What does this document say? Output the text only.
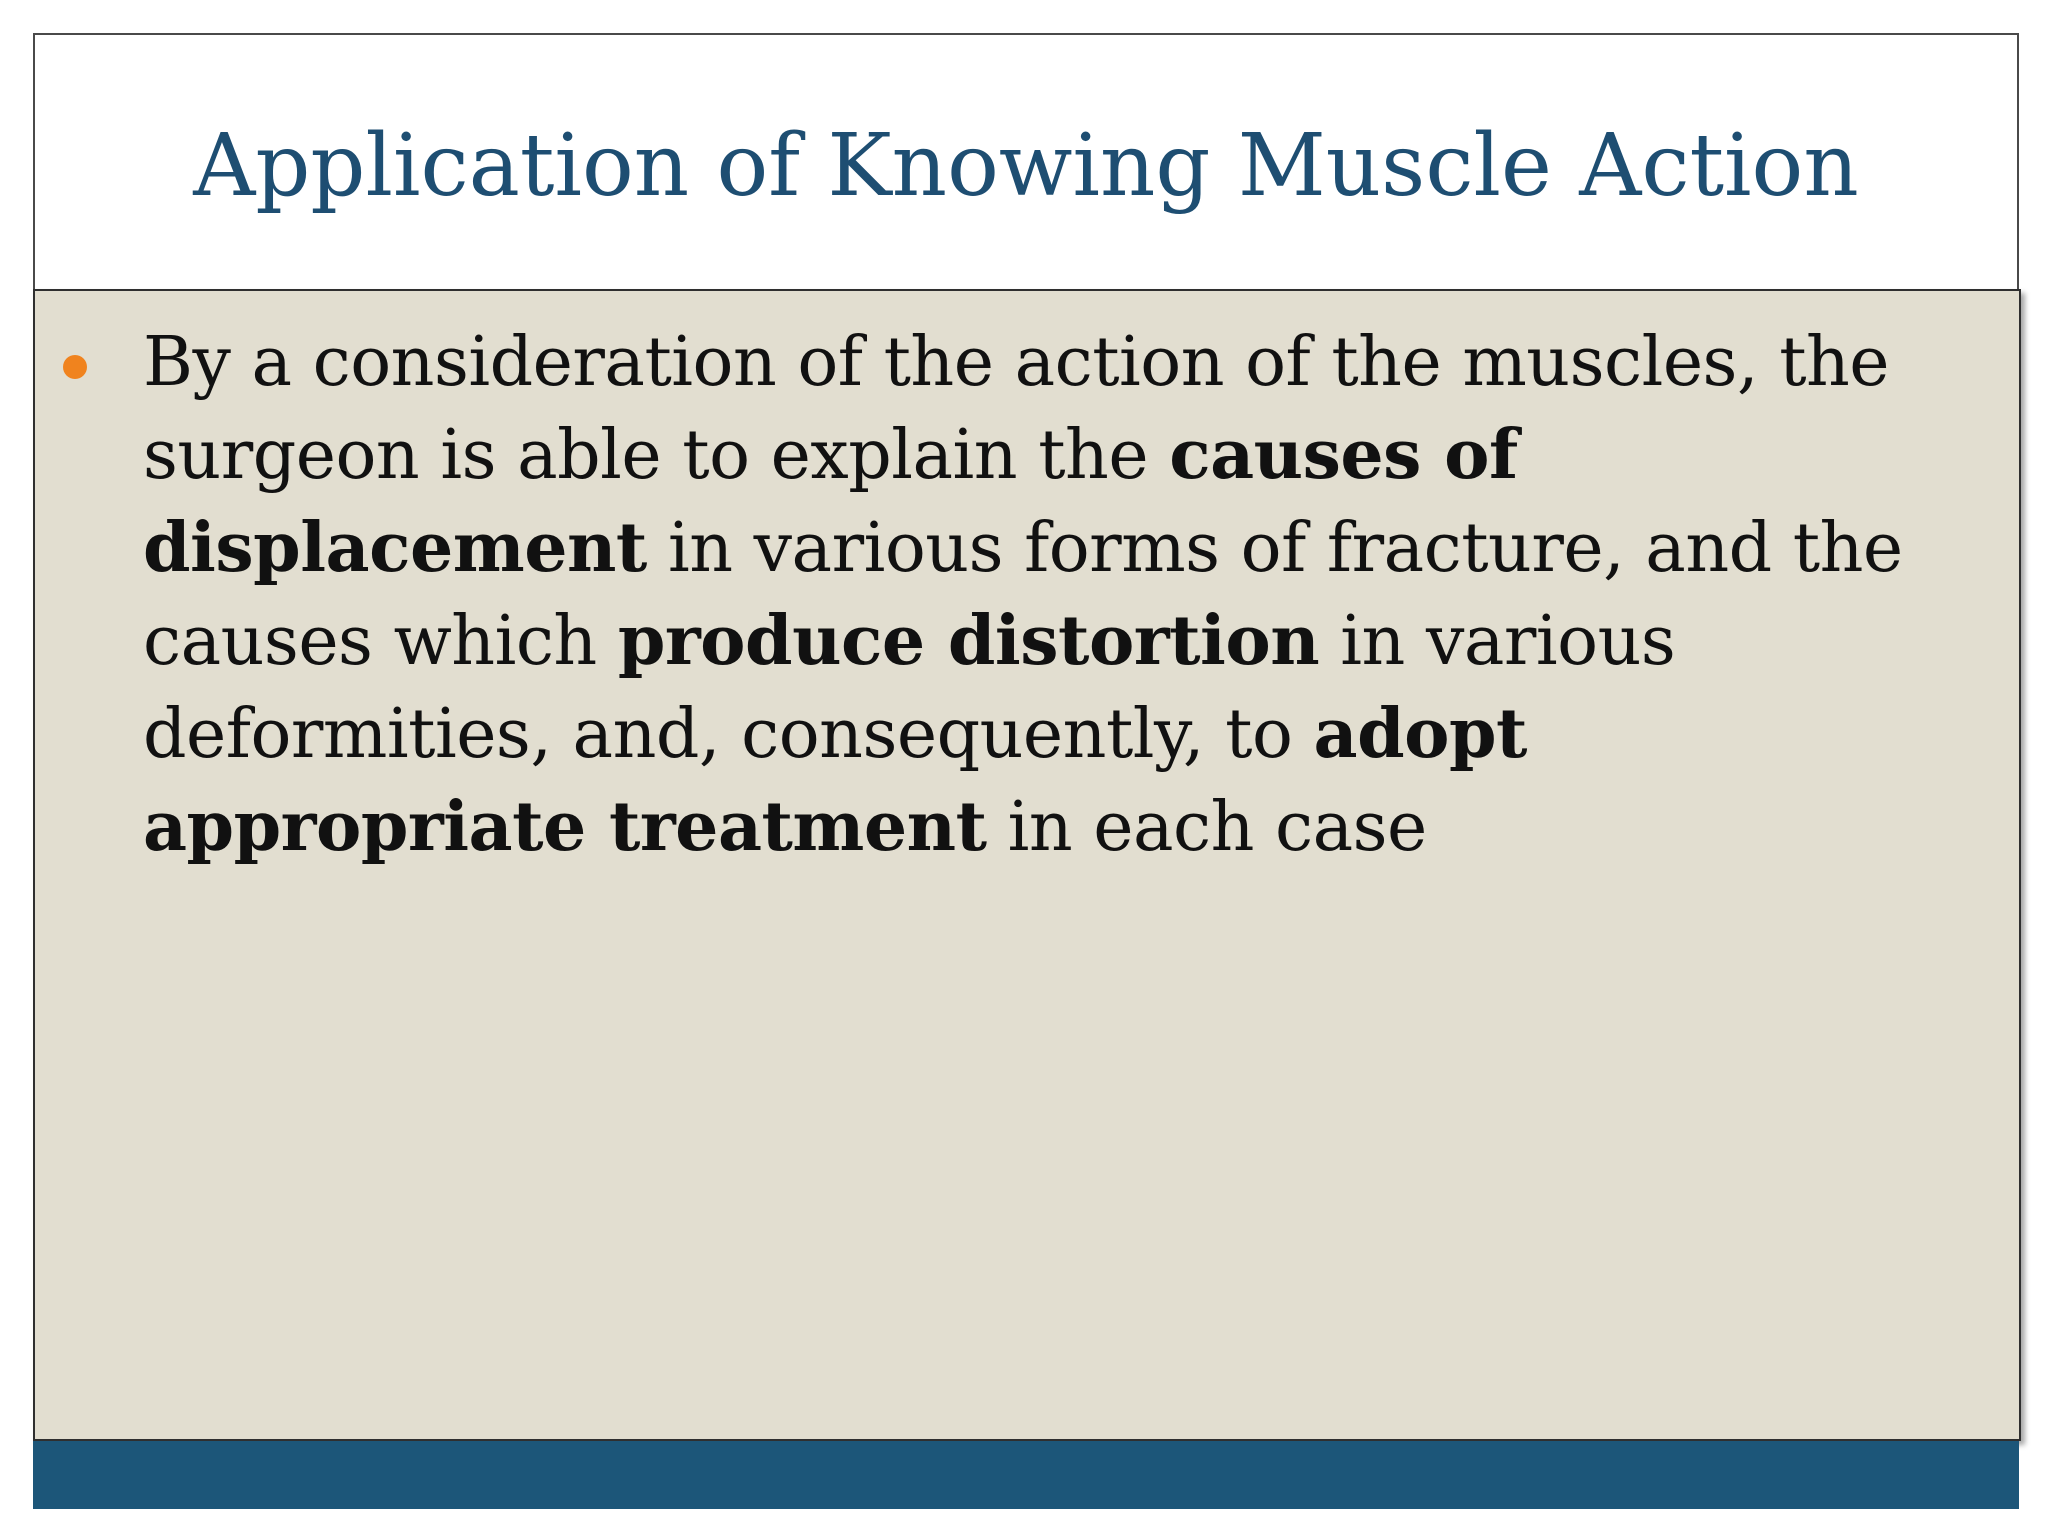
Application of Knowing Muscle Action

By a consideration of the action of the muscles, the surgeon is able to explain the causes of displacement in various forms of fracture, and the causes which produce distortion in various deformities, and, consequently, to adopt appropriate treatment in each case
